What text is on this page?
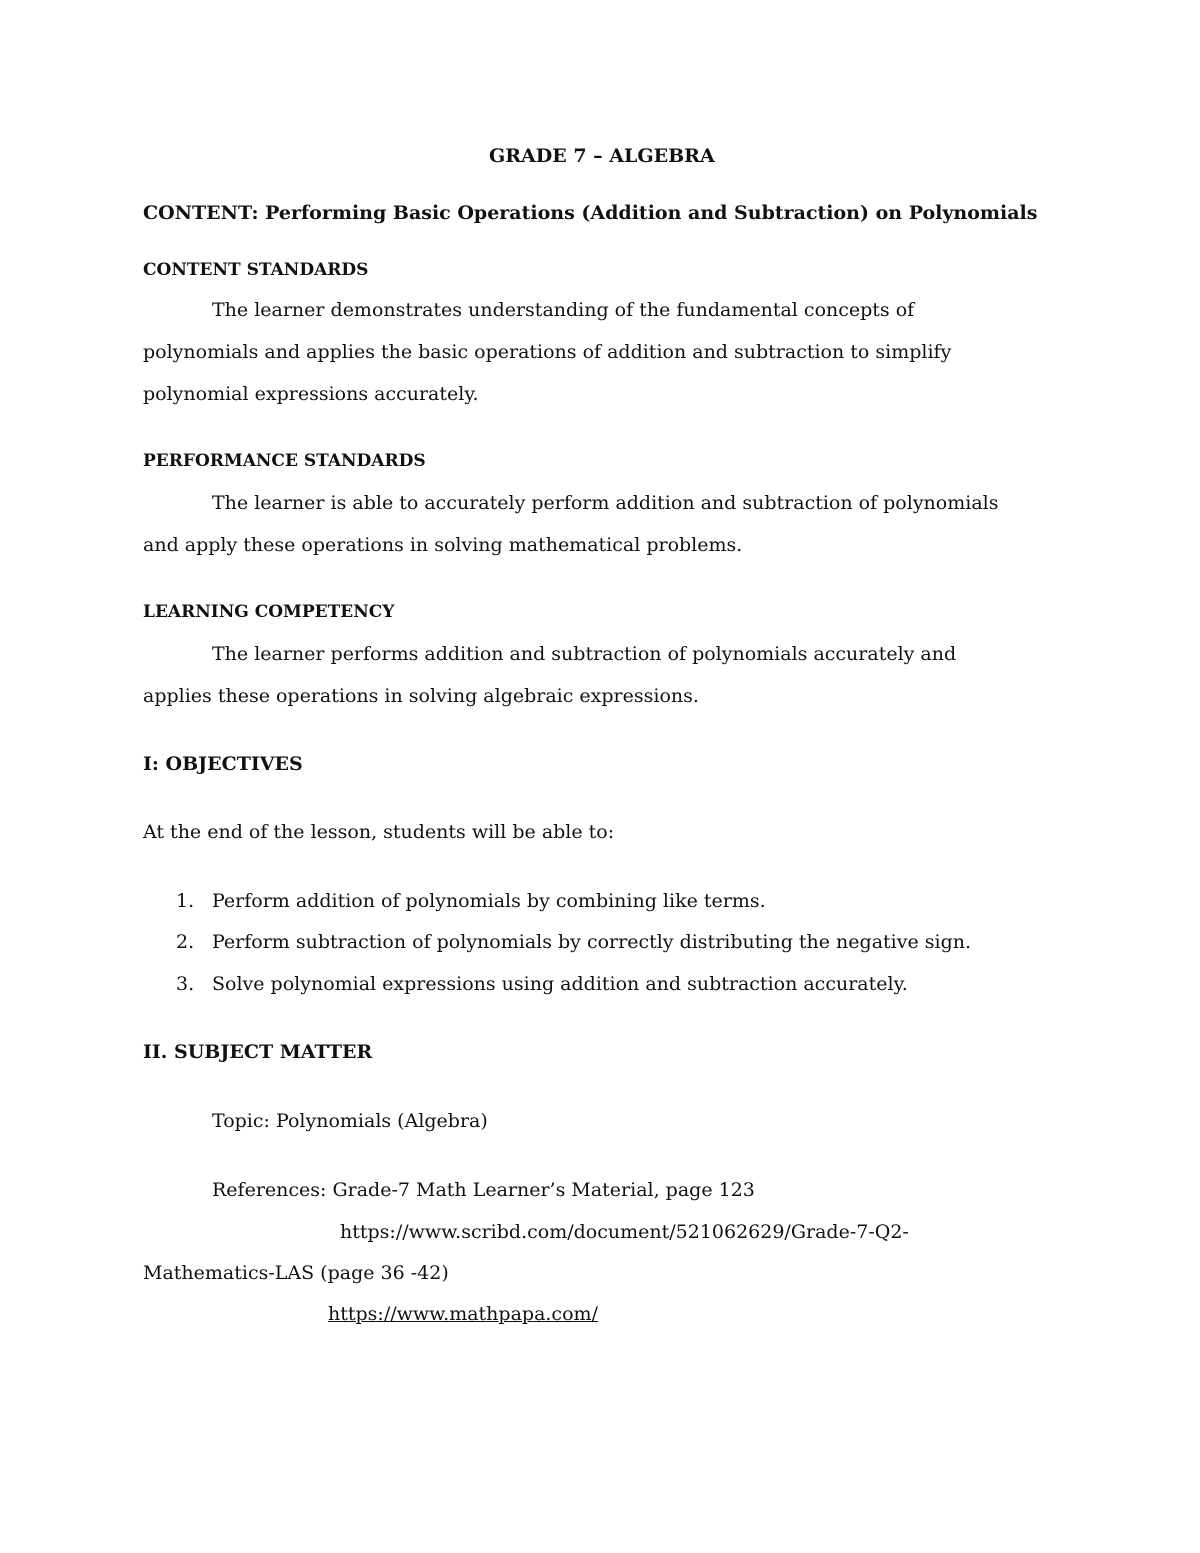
GRADE 7 – ALGEBRA
CONTENT: Performing Basic Operations (Addition and Subtraction) on Polynomials
CONTENT STANDARDS
The learner demonstrates understanding of the fundamental concepts of
polynomials and applies the basic operations of addition and subtraction to simplify
polynomial expressions accurately.
PERFORMANCE STANDARDS
The learner is able to accurately perform addition and subtraction of polynomials
and apply these operations in solving mathematical problems.
LEARNING COMPETENCY
The learner performs addition and subtraction of polynomials accurately and
applies these operations in solving algebraic expressions.
I: OBJECTIVES
At the end of the lesson, students will be able to:
1. Perform addition of polynomials by combining like terms.
2. Perform subtraction of polynomials by correctly distributing the negative sign.
3. Solve polynomial expressions using addition and subtraction accurately.
II. SUBJECT MATTER
Topic: Polynomials (Algebra)
References: Grade-7 Math Learner’s Material, page 123
https://www.scribd.com/document/521062629/Grade-7-Q2-
Mathematics-LAS (page 36 -42)
https://www.mathpapa.com/
